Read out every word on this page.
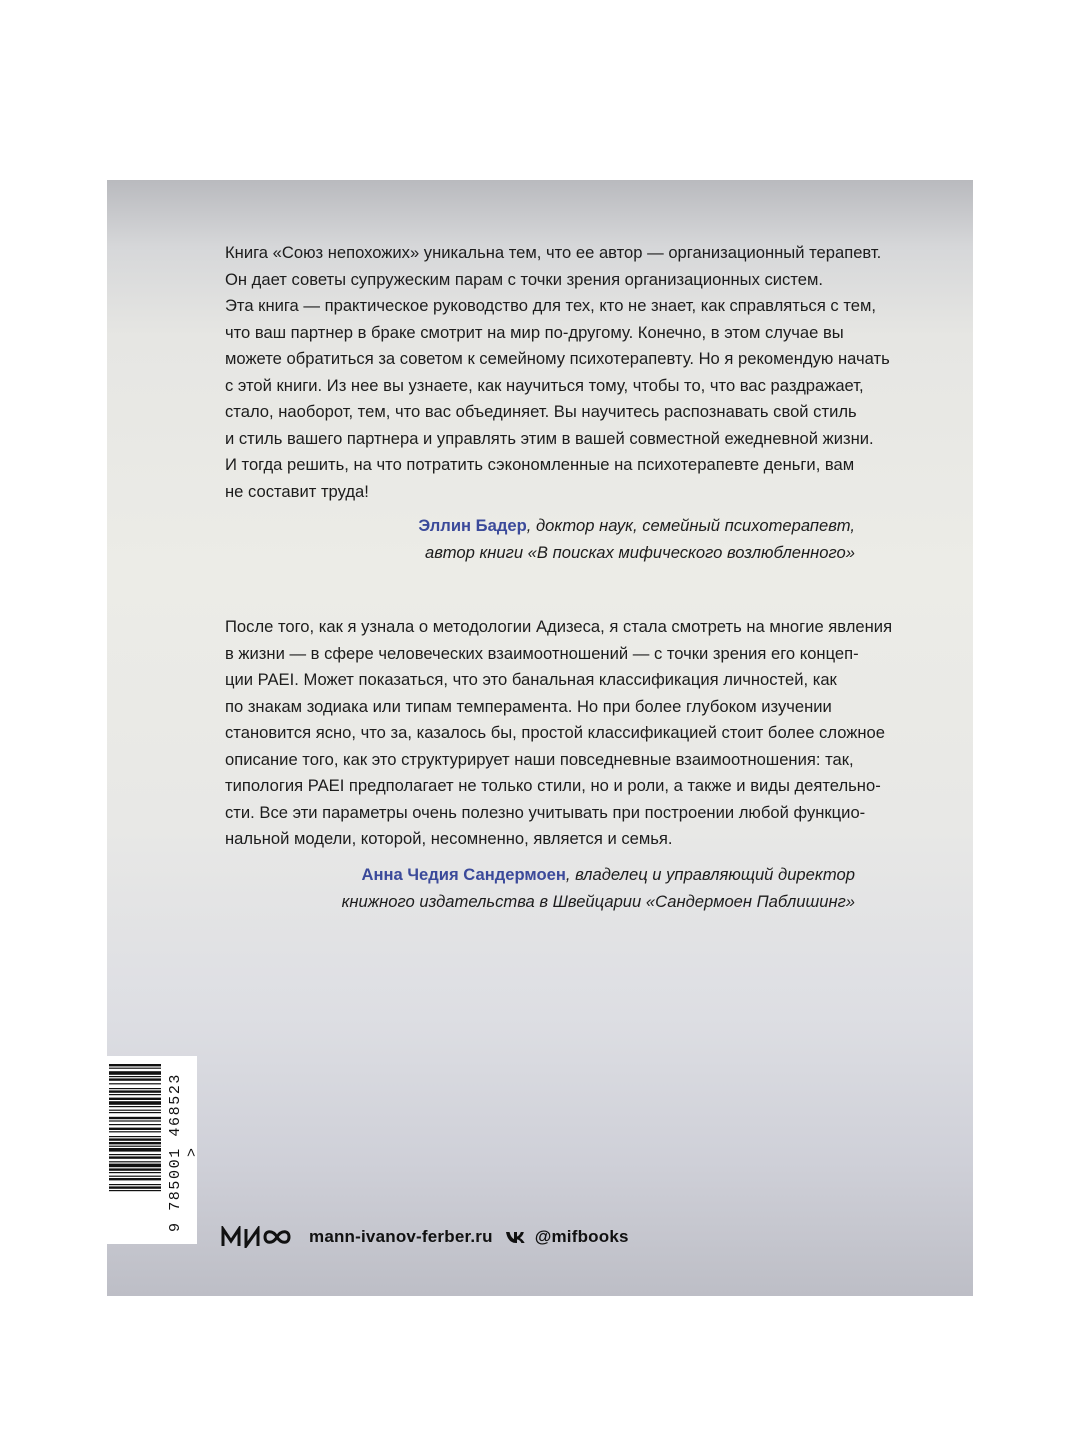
Книга «Союз непохожих» уникальна тем, что ее автор — организационный терапевт.

Он дает советы супружеским парам с точки зрения организационных систем.

Эта книга — практическое руководство для тех, кто не знает, как справляться с тем,

что ваш партнер в браке смотрит на мир по-другому. Конечно, в этом случае вы

можете обратиться за советом к семейному психотерапевту. Но я рекомендую начать

с этой книги. Из нее вы узнаете, как научиться тому, чтобы то, что вас раздражает,

стало, наоборот, тем, что вас объединяет. Вы научитесь распознавать свой стиль

и стиль вашего партнера и управлять этим в вашей совместной ежедневной жизни.

И тогда решить, на что потратить сэкономленные на психотерапевте деньги, вам

не составит труда!

Эллин Бадер, доктор наук, семейный психотерапевт,
автор книги «В поисках мифического возлюбленного»

После того, как я узнала о методологии Адизеса, я стала смотреть на многие явления

в жизни — в сфере человеческих взаимоотношений — с точки зрения его концеп-

ции PAEI. Может показаться, что это банальная классификация личностей, как

по знакам зодиака или типам темперамента. Но при более глубоком изучении

становится ясно, что за, казалось бы, простой классификацией стоит более сложное

описание того, как это структурирует наши повседневные взаимоотношения: так,

типология PAEI предполагает не только стили, но и роли, а также и виды деятельно-

сти. Все эти параметры очень полезно учитывать при построении любой функцио-

нальной модели, которой, несомненно, является и семья.

Анна Чедия Сандермоен, владелец и управляющий директор
книжного издательства в Швейцарии «Сандермоен Паблишинг»
9 785001 468523 >
mann-ivanov-ferber.ru @mifbooks
